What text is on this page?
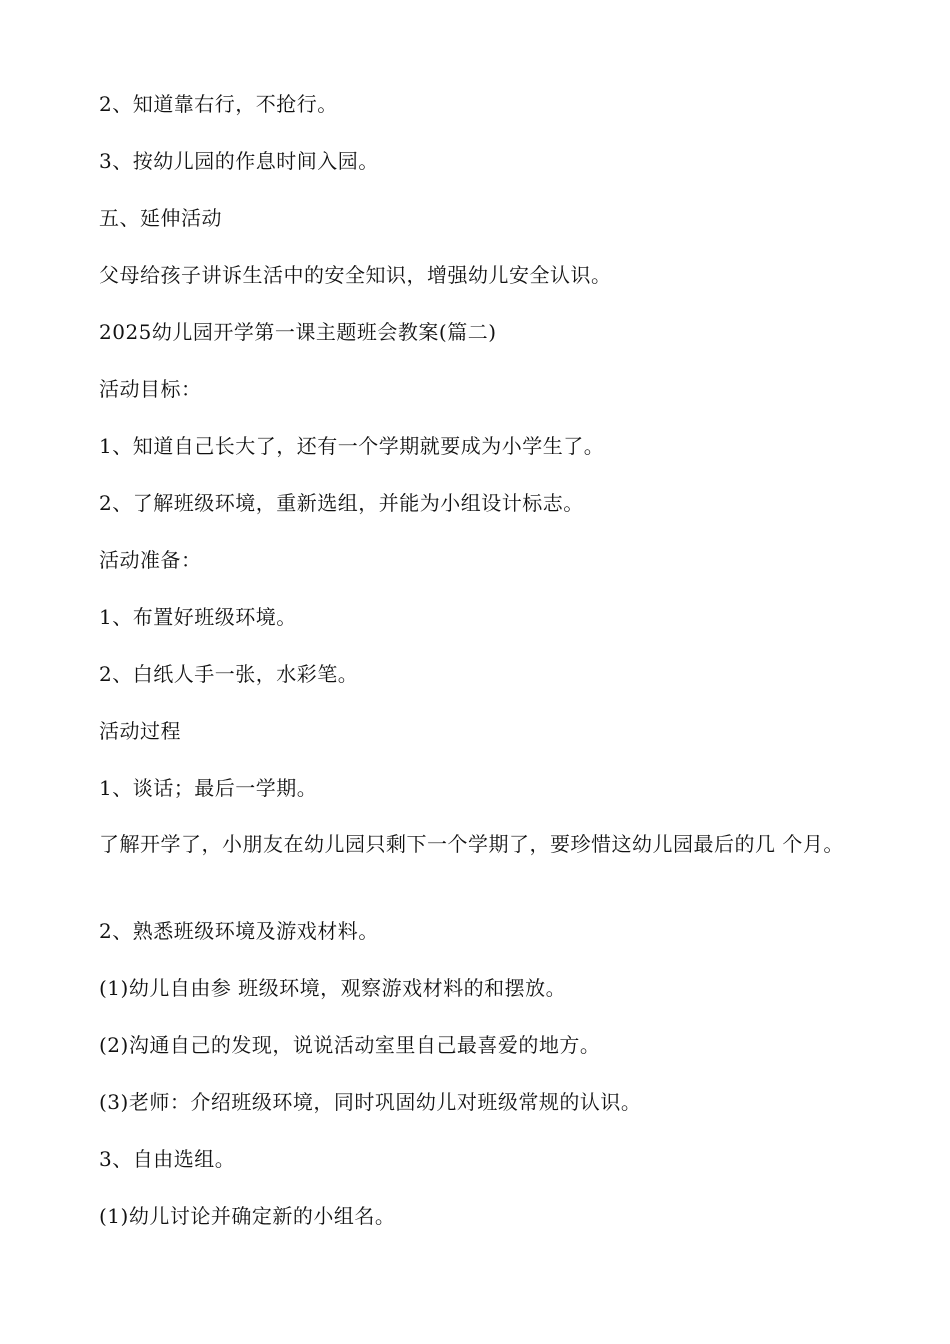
2、知道靠右行，不抢行。
3、按幼儿园的作息时间入园。
五、延伸活动
父母给孩子讲诉生活中的安全知识，增强幼儿安全认识。
2025幼儿园开学第一课主题班会教案(篇二)
活动目标：
1、知道自己长大了，还有一个学期就要成为小学生了。
2、了解班级环境，重新选组，并能为小组设计标志。
活动准备：
1、布置好班级环境。
2、白纸人手一张，水彩笔。
活动过程
1、谈话；最后一学期。
了解开学了，小朋友在幼儿园只剩下一个学期了，要珍惜这幼儿园最后的几 个月。
2、熟悉班级环境及游戏材料。
(1)幼儿自由参 班级环境，观察游戏材料的和摆放。
(2)沟通自己的发现，说说活动室里自己最喜爱的地方。
(3)老师：介绍班级环境，同时巩固幼儿对班级常规的认识。
3、自由选组。
(1)幼儿讨论并确定新的小组名。
